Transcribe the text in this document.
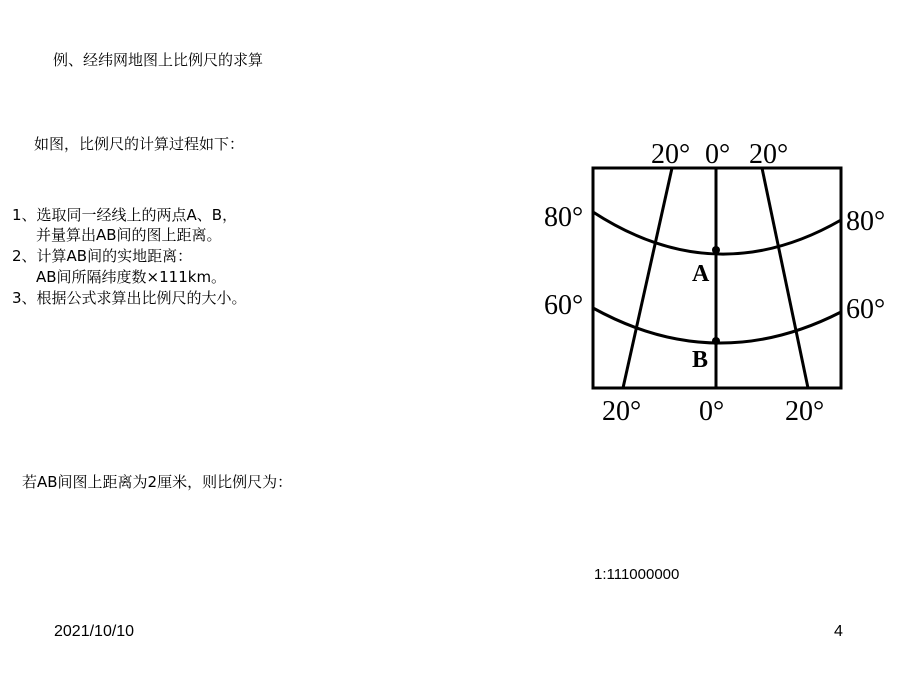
例、经纬网地图上比例尺的求算
如图，比例尺的计算过程如下：
1、选取同一经线上的两点A、B，
并量算出AB间的图上距离。
2、计算AB间的实地距离：
AB间所隔纬度数×111km。
3、根据公式求算出比例尺的大小。
若AB间图上距离为2厘米，则比例尺为：
1:111000000
2021/10/10	4
A
B
20° 0° 20°
20° 0° 20°
80°
60°
80°
60°
